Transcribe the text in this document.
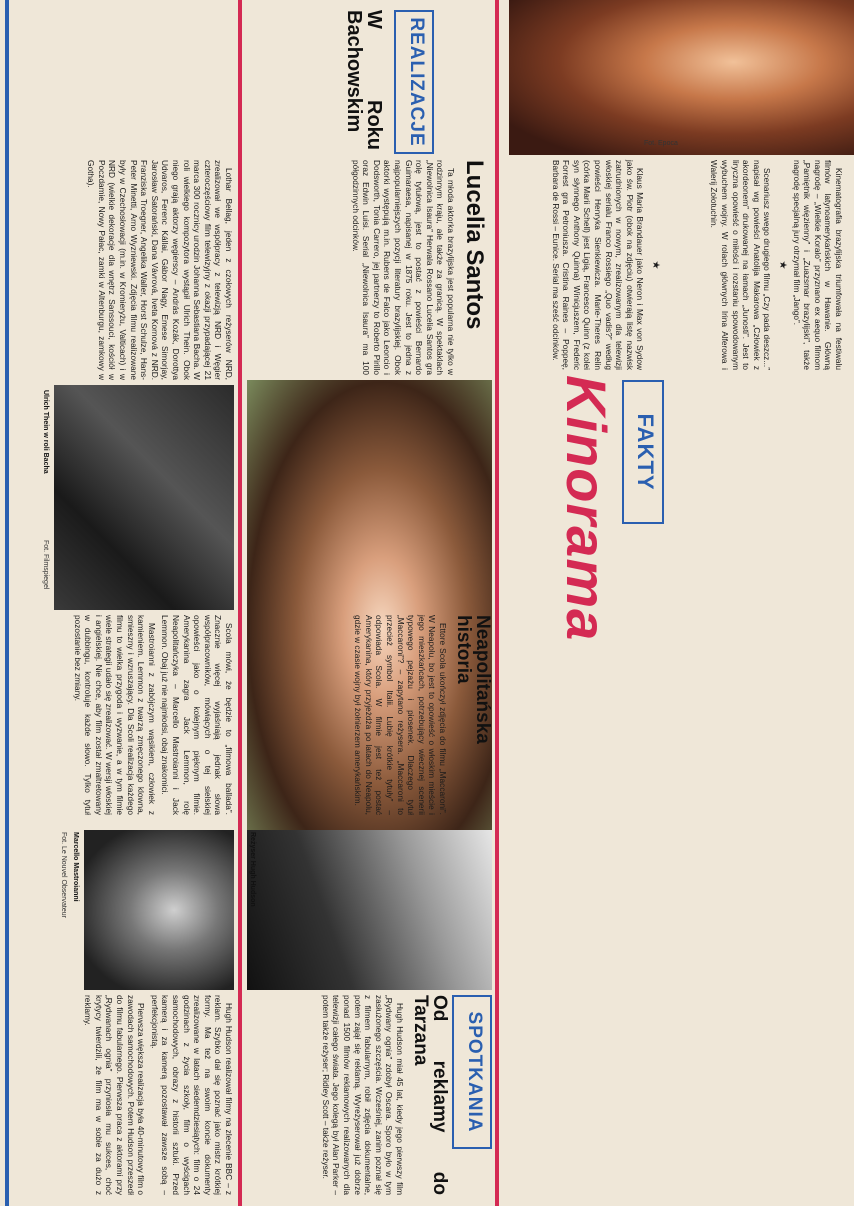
Fot. Epoca

Kinematografia brazylijska triumfowała na festiwalu filmów latynoamerykańskich w Hawanie. Główną nagrodę – „Wielkie Koralo” przyznano ex aequo filmom „Pamiętnik więzienny” i „Zuazsmar brazylijski”, także nagrodę specjalną jury otrzymał film „Jango”.

★

Scenariusz swego drugiego filmu „Czy pada deszcz...” napisał wg powieści Anatolija Makarowa „Człowiek z akordeonem” drukowanej na łamach „Junosti”. Jest to liryczna opowieść o miłości i rozstaniu spowodowanym wybuchem wojny. W rolach głównych Irina Alferowa i Walerij Zołotuchin.

★

Klaus Maria Brandauer jako Neron i Max von Sydow jako św. Piotr (obok na zdjęciu) otwierają listę nazwisk zatrudnionych w nowym, zrealizowanym dla telewizji włoskiej serialu Franco Rossiego „Quo vadis?” według powieści Henryka Sienkiewicza. Marie-Theres Relin (córka Marii Schell) jest Ligią, Francesco Quinn (z kolei syn słynnego Anthony Quinna) Winicjuszem, Frederic Forrest gra Petroniusza. Cristina Raines – Poppeę, Barbara de Rossi – Eunice. Serial ma sześć odcinków.

FAKTY
Kinorama
Lucelia Santos

Ta młoda aktorka brazylijska jest popularna nie tylko w rodzinnym kraju, ale także za granicą. W spektaklach „Niewolnica Isaura” Herwala Rossano Lucelia Santos gra rolę tytułową, jest to postać z powieści Bernardo Guimaraesa, napisanej w 1875 roku. Jest to jedna z najpopularniejszych pozycji literatury brazylijskiej. Obok aktorki występują m.in. Rubens de Falco jako Leoncio i Dodsworth, Tonia Carrero, jej partnerzy to Roberto Pirillo oraz Edwin Luisi. Serial „Niewolnica Isaura” ma 100 półgodzinnych odcinków.

REALIZACJE
W Roku Bachowskim

Lothar Bellag, jeden z czołowych reżyserów NRD, zrealizował we współpracy z telewizją NRD i Węgier czteroczęściowy film telewizyjny z okazji przypadającej 21 marca 300 rocznicy urodzin Johanna Sebastiana Bacha. W roli wielkiego kompozytora wystąpił Ulrich Thein. Obok niego grają aktorzy węgierscy – András Kozák, Dorottya Udvaros, Ferenc Kállai, Gábor Nagy, Emese Simorjay, Jarosław Satorański, Dana Vávrová, Iveta Kornová z NRD. Franziska Troegner, Angelika Waller, Horst Schulze, Hans-Peter Minetti, Arno Wyzniewski. Zdjęcia filmu realizowane były w Czechosłowacji (m.in. w Kromieryżu, Valticach) i w NRD (wielkie dekoracje dla wnętrz Sanssouci, kościół w Poczdamie, Nowy Pałac, zamki w Altenburgu, zamkowy w Gotha).

Ulrich Thein w roli Bacha
Fot. Filmspiegel
Neapolitańska historia

Ettore Scola ukończył zdjęcia do filmu „Maccaroni”. W Neapolu, bo jest to opowieść o włoskim mieście i jego mieszkańcach, potrzebujący wiecznej scenerii typowego pejzażu i piosenek. Dlaczego tytuł „Maccaroni”? – zapytano reżysera. „Maccaroni to przecież symbol Italii. Lubię krótkie tytuły” – odpowiada Scola. W filmie jest też postać Amerykanina, który przyjeżdża po latach do Neapolu, gdzie w czasie wojny był żołnierzem amerykańskim.

Scola mówi, że będzie to „filmowa ballada”. Znacznie więcej wyjaśniają jednak słowa współpracowników, mówiących o tej sielskiej opowieści jako o kolejnym pięknym filmie. Amerykanina zagra Jack Lemmon, rolę Neapolitańczyka – Marcello Mastroianni i Jack Lemmon. Obaj już nie najmłodsi, obaj znakomici.

Mastroianni z zabójczym wąsikiem, człowiek z kamieniem. Lemmon z twarzą zmęczonego klowna, smieszny i wzruszający. Dla Scoli realizacja każdego filmu to wielka przygoda i wyzwanie, a w tym filmie wiele strategii udało się zrealizować. W wersji włoskiej i angielskiej. Nie chce, aby film został zmaltretowany w dubbingu, kontroluje każde słowo. Tylko tytuł pozostanie bez zmiany.

Marcello Mastroianni
Fot. Le Nouvel Observateur
SPOTKANIA
Od reklamy do Tarzana

Hugh Hudson miał 45 lat, kiedy jego pierwszy film „Rydwany ognia” zdobył Oscara. Sporo było w tym zasłużonego szczęścia. Wcześniej, zanim poznał się z filmem fabularnym, robił zdjęcia dokumentalne, potem zajął się reklamą. Wyreżyserował już dobrze ponad 1500 filmów reklamowych realizowanych dla telewizji całego świata. Jego kolegą był Alan Parker – potem także reżyser; Ridley Scott – także reżyser.

Hugh Hudson realizował filmy na zlecenie BBC – z reklam. Szybko dał się poznać jako mistrz krótkiej formy. Ma też na swoim koncie dokumenty zrealizowane w latach siedemdziesiątych: film o 24 godzinach z życia szkoły, film o wyścigach samochodowych, obrazy z historii sztuki. Przed kamerą i za kamerą pozostawał zawsze sobą – perfekcjonistą.

Pierwsza większa realizacja była 40-minutowy film o zawodach samochodowych. Potem Hudson przeszedł do filmu fabularnego. Pierwsza praca z aktorami przy „Rydwanach ognia” przyniosła mu sukces, choć krytycy twierdzili, że film ma w sobie za dużo z reklamy.

Reżyser Hugh Hudson
